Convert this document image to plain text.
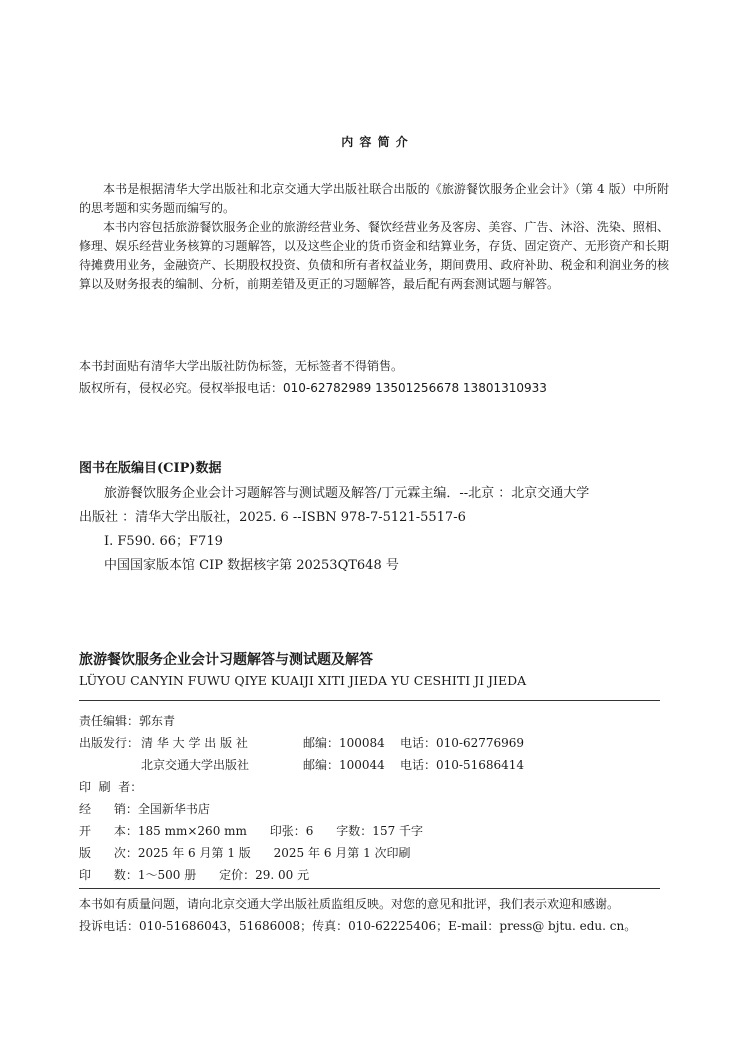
内 容 简 介
本书是根据清华大学出版社和北京交通大学出版社联合出版的《旅游餐饮服务企业会计》（第 4 版）中所附的思考题和实务题而编写的。
本书内容包括旅游餐饮服务企业的旅游经营业务、餐饮经营业务及客房、美容、广告、沐浴、洗染、照相、修理、娱乐经营业务核算的习题解答，以及这些企业的货币资金和结算业务，存货、固定资产、无形资产和长期待摊费用业务，金融资产、长期股权投资、负债和所有者权益业务，期间费用、政府补助、税金和利润业务的核算以及财务报表的编制、分析，前期差错及更正的习题解答，最后配有两套测试题与解答。
本书封面贴有清华大学出版社防伪标签，无标签者不得销售。
版权所有，侵权必究。侵权举报电话：010-62782989 13501256678 13801310933
图书在版编目(CIP)数据
旅游餐饮服务企业会计习题解答与测试题及解答/丁元霖主编．--北京 ：北京交通大学
出版社 ：清华大学出版社，2025. 6 --ISBN 978-7-5121-5517-6
Ⅰ. F590. 66；F719
中国国家版本馆 CIP 数据核字第 20253QT648 号
旅游餐饮服务企业会计习题解答与测试题及解答
LÜYOU CANYIN FUWU QIYE KUAIJI XITI JIEDA YU CESHITI JI JIEDA
责任编辑：郭东青
出版发行： 清 华 大 学 出 版 社	邮编：100084 电话：010-62776969
北京交通大学出版社	邮编：100044 电话：010-51686414
印  刷  者：
经      销：全国新华书店
开      本：185 mm×260 mm      印张：6      字数：157 千字
版      次：2025 年 6 月第 1 版      2025 年 6 月第 1 次印刷
印      数：1～500 册      定价：29. 00 元
本书如有质量问题，请向北京交通大学出版社质监组反映。对您的意见和批评，我们表示欢迎和感谢。
投诉电话：010-51686043，51686008；传真：010-62225406；E-mail：press@ bjtu. edu. cn。
